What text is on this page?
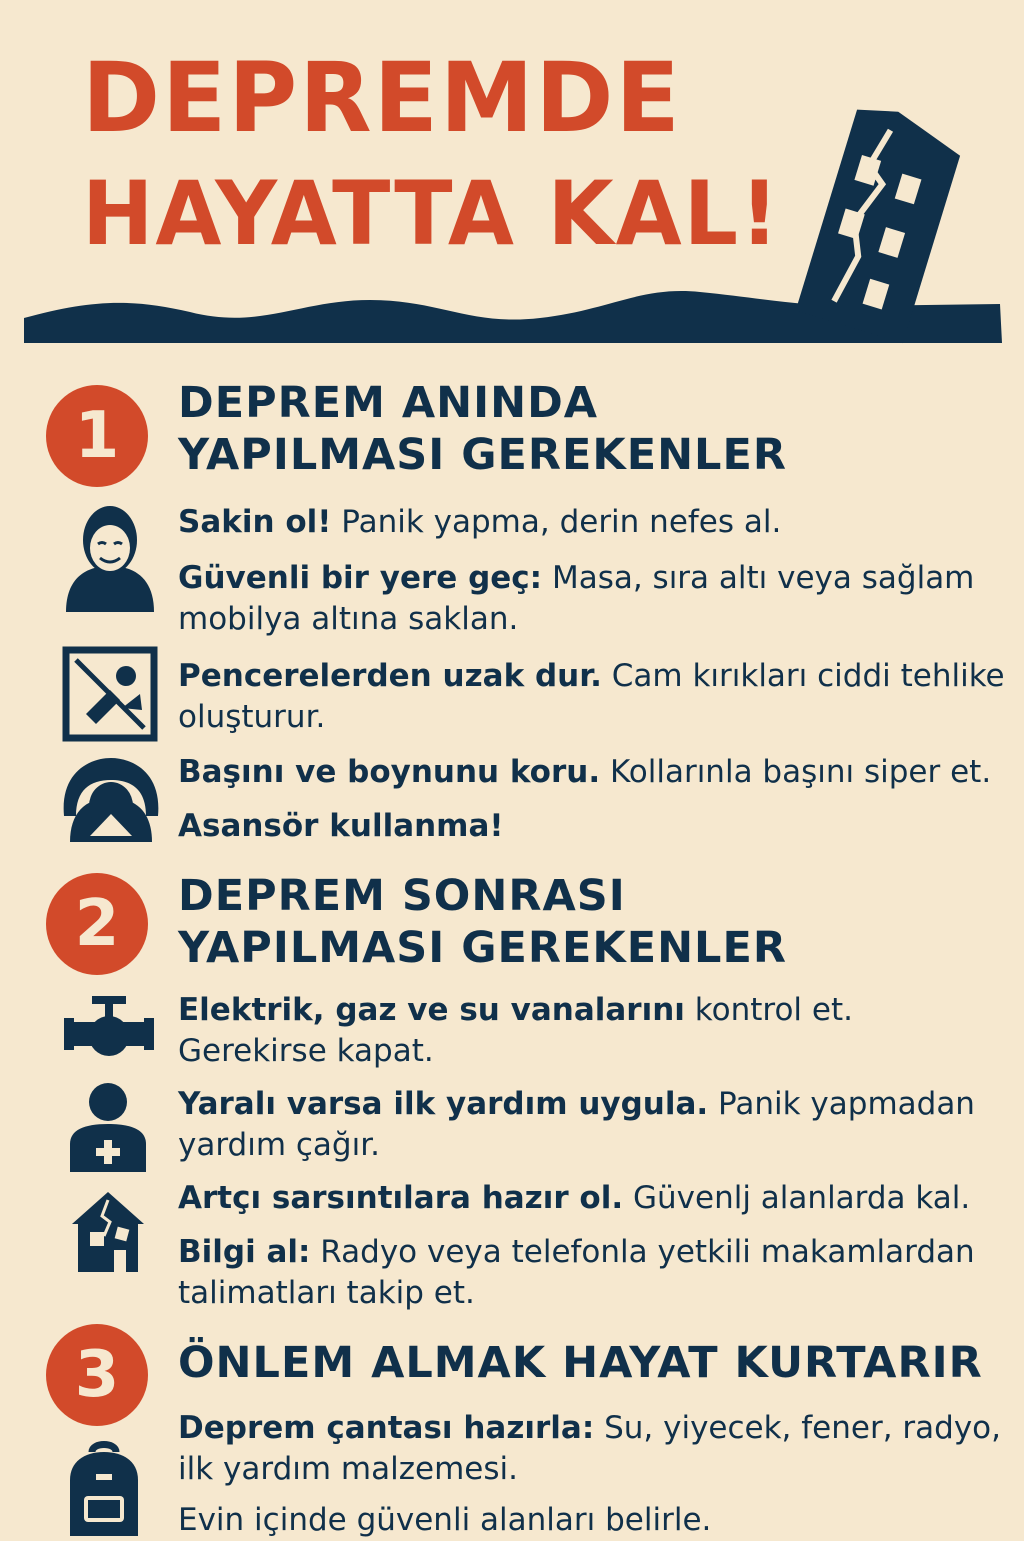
DEPREMDE
HAYATTA KAL!
1	DEPREM ANINDA
YAPILMASI GEREKENLER
Sakin ol! Panik yapma, derin nefes al.
Güvenli bir yere geç: Masa, sıra altı veya sağlam mobilya altına saklan.
Pencerelerden uzak dur. Cam kırıkları ciddi tehlike oluşturur.
Başını ve boynunu koru. Kollarınla başını siper et.
Asansör kullanma!
2	DEPREM SONRASI
YAPILMASI GEREKENLER
Elektrik, gaz ve su vanalarını kontrol et. Gerekirse kapat.
Yaralı varsa ilk yardım uygula. Panik yapmadan yardım çağır.
Artçı sarsıntılara hazır ol. Güvenlj alanlarda kal.
Bilgi al: Radyo veya telefonla yetkili makamlardan talimatları takip et.
3	ÖNLEM ALMAK HAYAT KURTARIR
Deprem çantası hazırla: Su, yiyecek, fener, radyo, ilk yardım malzemesi.
Evin içinde güvenli alanları belirle.
